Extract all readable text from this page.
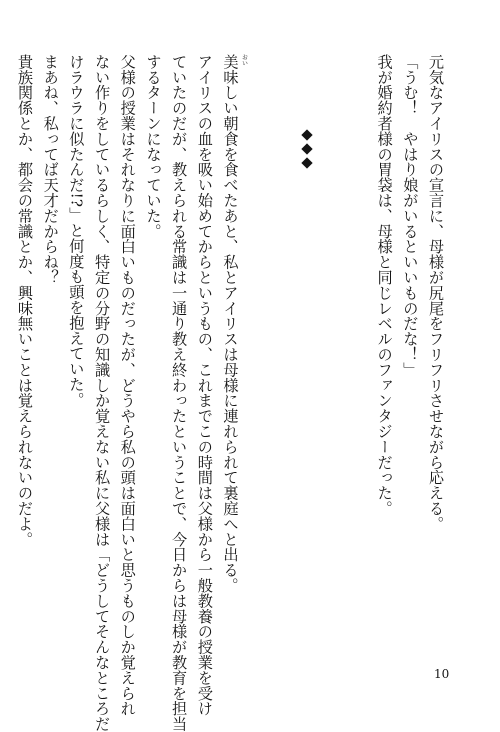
元気なアイリスの宣言に、母様が尻尾をフリフリさせながら応える。
「うむ！　やはり娘がいるといいものだな！」
我が婚約者様の胃袋は、母様と同じレベルのファンタジーだった。
おい
美味しい朝食を食べたあと、私とアイリスは母様に連れられて裏庭へと出る。
アイリスの血を吸い始めてからというもの、これまでこの時間は父様から一般教養の授業を受け
ていたのだが、教えられる常識は一通り教え終わったということで、今日からは母様が教育を担当
するターンになっていた。
父様の授業はそれなりに面白いものだったが、どうやら私の頭は面白いと思うものしか覚えられ
ない作りをしているらしく、特定の分野の知識しか覚えない私に父様は「どうしてそんなところだ
けラウラに似たんだ!?」と何度も頭を抱えていた。
まあね、私ってば天才だからね？
貴族関係とか、都会の常識とか、興味無いことは覚えられないのだよ。
10
